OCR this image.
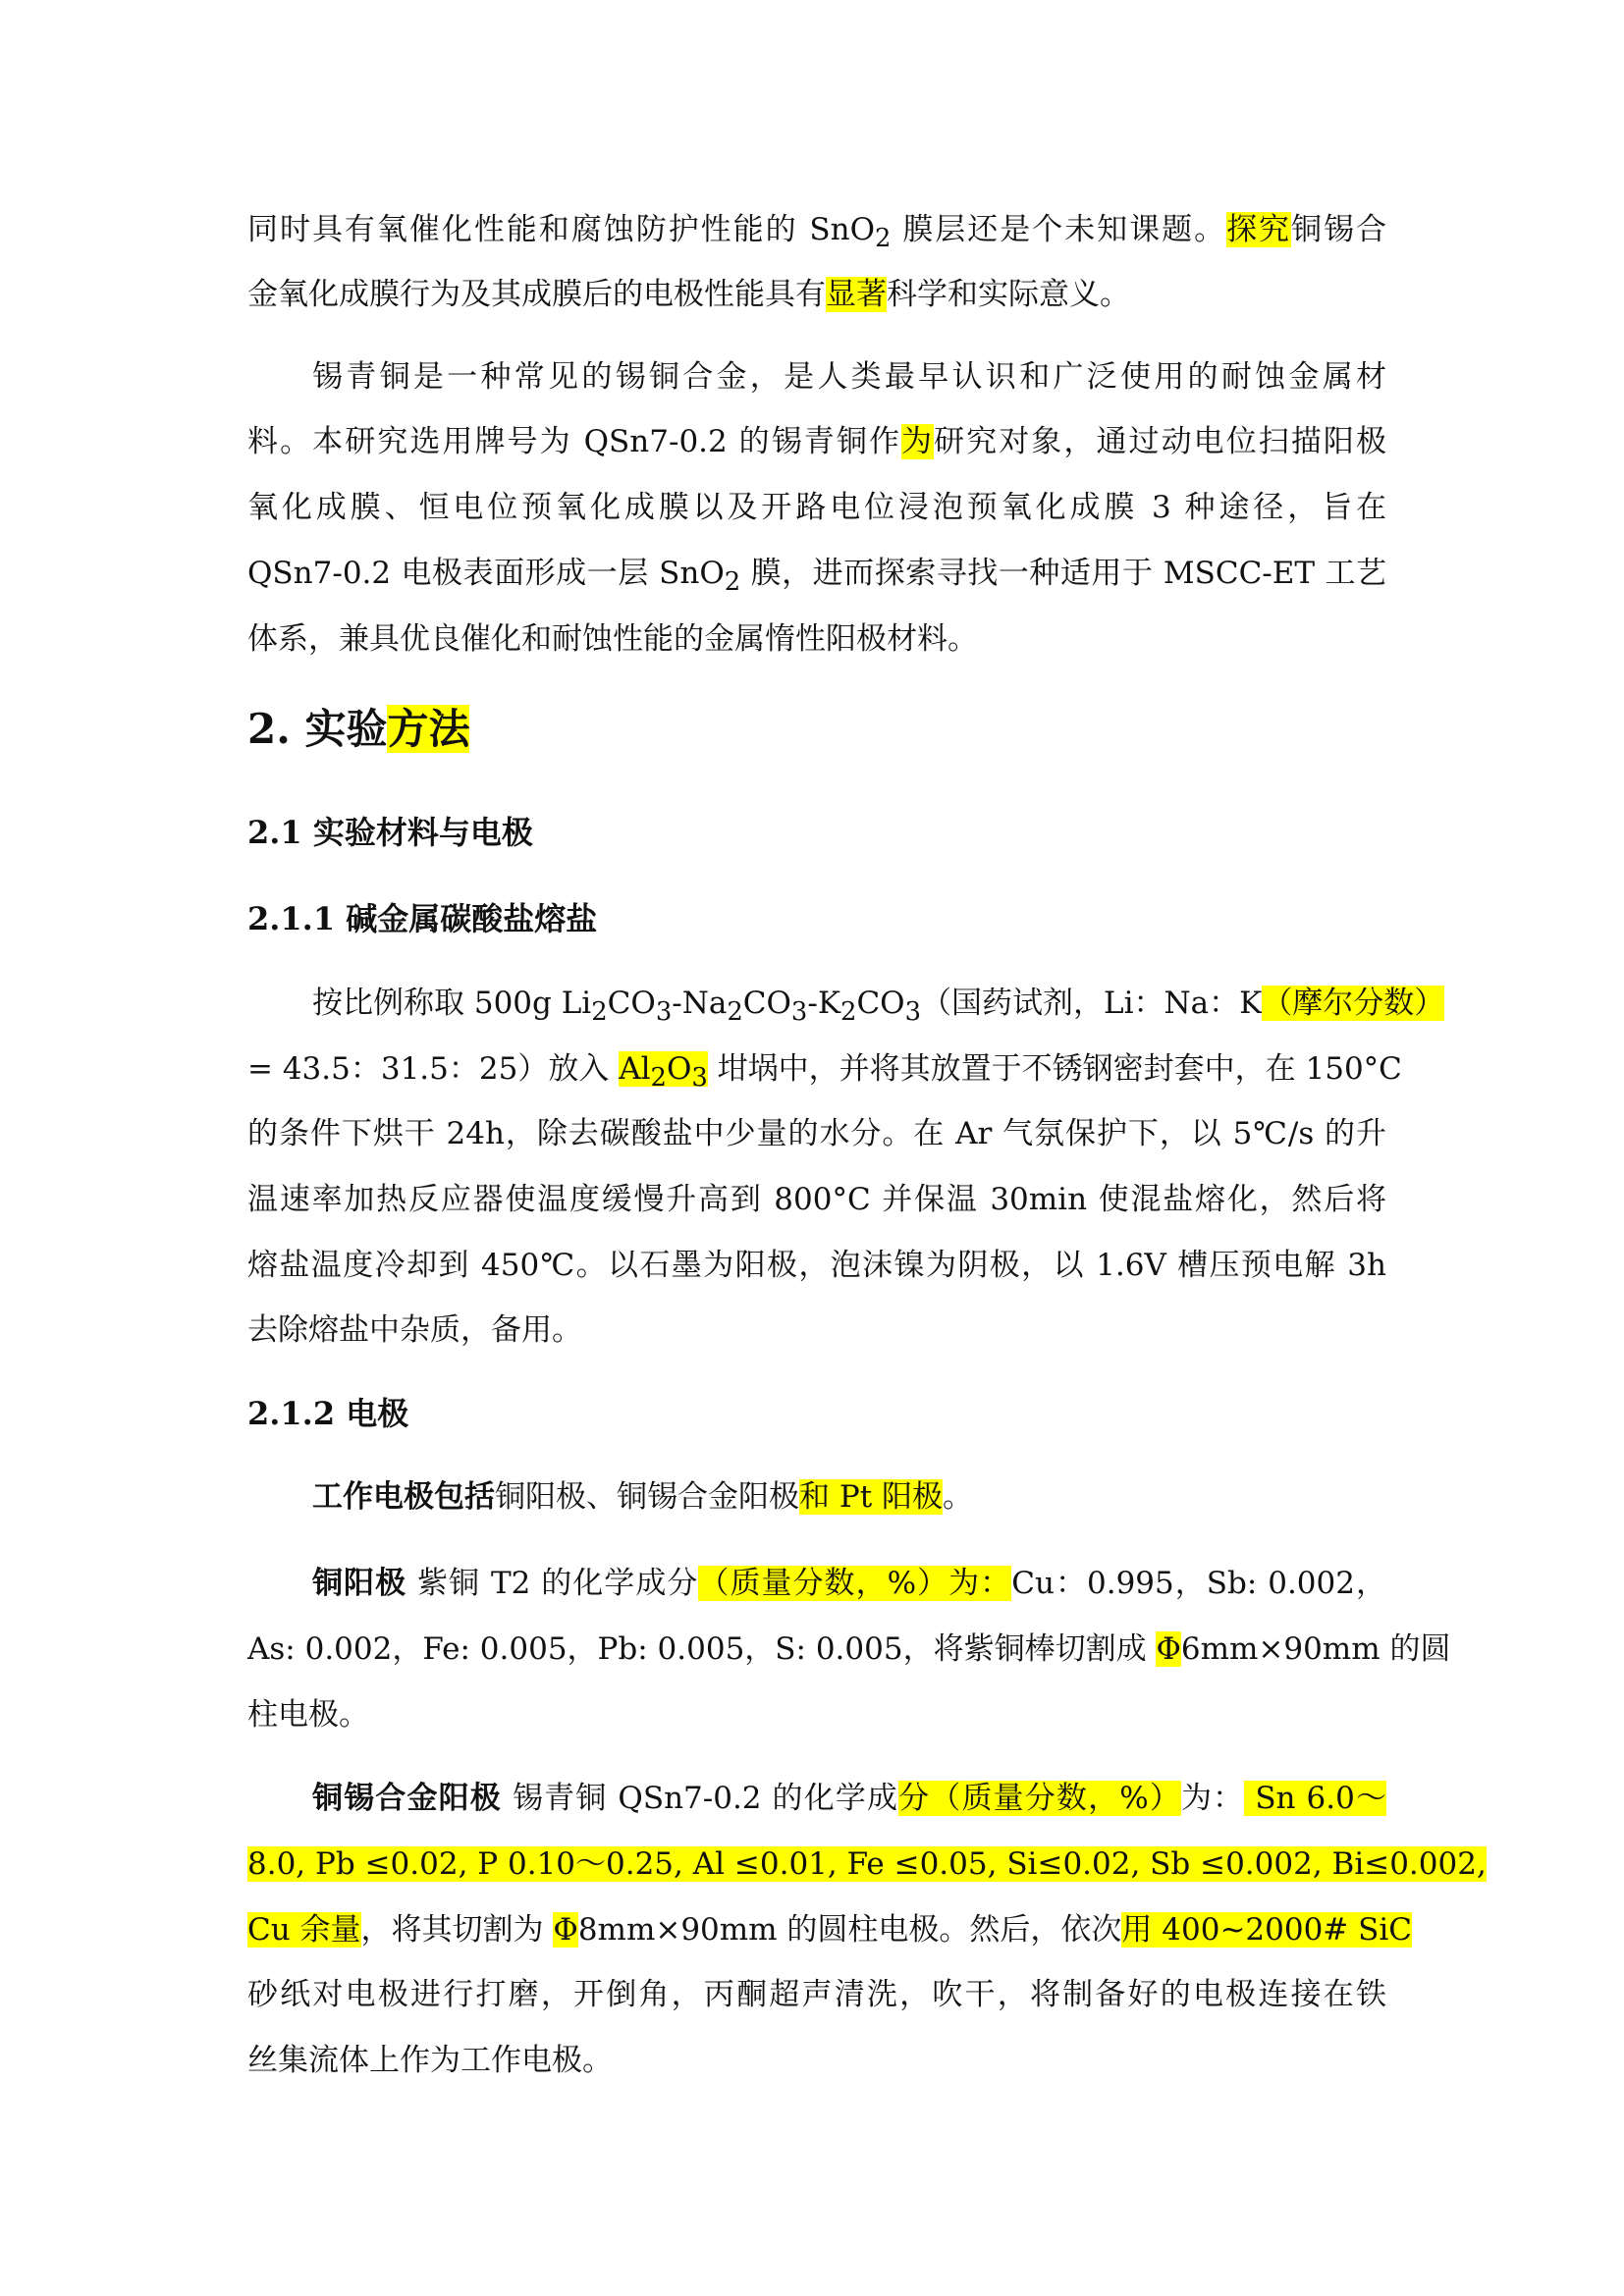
同时具有氧催化性能和腐蚀防护性能的 SnO$_2$ 膜层还是个未知课题。探究铜锡合
金氧化成膜行为及其成膜后的电极性能具有显著科学和实际意义。
锡青铜是一种常见的锡铜合金，是人类最早认识和广泛使用的耐蚀金属材
料。本研究选用牌号为 QSn7-0.2 的锡青铜作为研究对象，通过动电位扫描阳极
氧化成膜、恒电位预氧化成膜以及开路电位浸泡预氧化成膜 3 种途径，旨在
QSn7-0.2 电极表面形成一层 SnO$_2$ 膜，进而探索寻找一种适用于 MSCC-ET 工艺
体系，兼具优良催化和耐蚀性能的金属惰性阳极材料。
2. 实验方法
2.1 实验材料与电极
2.1.1 碱金属碳酸盐熔盐
按比例称取 500g $Li_2CO_3-Na_2CO_3-K_2CO_3$（国药试剂，Li：Na：K（摩尔分数）
= 43.5：31.5：25）放入 $Al_2O_3$ 坩埚中，并将其放置于不锈钢密封套中，在 150°C
的条件下烘干 24h，除去碳酸盐中少量的水分。在 Ar 气氛保护下，以 5℃/s 的升
温速率加热反应器使温度缓慢升高到 800°C 并保温 30min 使混盐熔化，然后将
熔盐温度冷却到 450℃。以石墨为阳极，泡沫镍为阴极，以 1.6V 槽压预电解 3h
去除熔盐中杂质，备用。
2.1.2 电极
工作电极包括铜阳极、铜锡合金阳极和 Pt 阳极。
铜阳极 紫铜 T2 的化学成分（质量分数，%）为：Cu：0.995，Sb: 0.002，
As: 0.002，Fe: 0.005，Pb: 0.005，S: 0.005，将紫铜棒切割成 Φ6mm×90mm 的圆
柱电极。
铜锡合金阳极 锡青铜 QSn7-0.2 的化学成分（质量分数，%）为： Sn 6.0～
8.0, Pb ≤0.02, P 0.10～0.25, Al ≤0.01, Fe ≤0.05, Si≤0.02, Sb ≤0.002, Bi≤0.002,
Cu 余量，将其切割为 Φ8mm×90mm 的圆柱电极。然后，依次用 400~2000# SiC
砂纸对电极进行打磨，开倒角，丙酮超声清洗，吹干，将制备好的电极连接在铁
丝集流体上作为工作电极。
